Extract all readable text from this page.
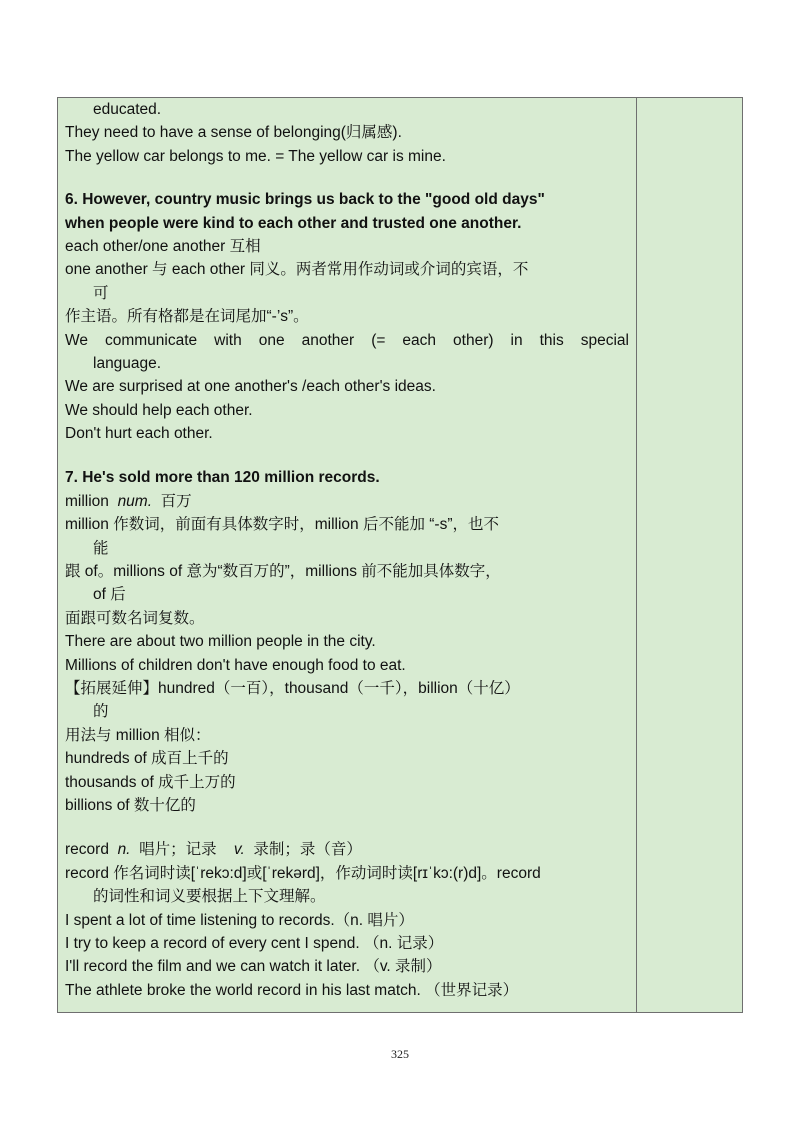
educated.
They need to have a sense of belonging(归属感).
The yellow car belongs to me. = The yellow car is mine.
6. However, country music brings us back to the "good old days"
when people were kind to each other and trusted one another.
each other/one another 互相
one another 与 each other 同义。两者常用作动词或介词的宾语，不
可
作主语。所有格都是在词尾加“-’s”。
We communicate with one another (= each other) in this special
language.
We are surprised at one another's /each other's ideas.
We should help each other.
Don't hurt each other.
7. He's sold more than 120 million records.
million num. 百万
million 作数词，前面有具体数字时，million 后不能加 “-s”，也不
能
跟 of。millions of 意为“数百万的”，millions 前不能加具体数字，
of 后
面跟可数名词复数。
There are about two million people in the city.
Millions of children don't have enough food to eat.
【拓展延伸】hundred（一百），thousand（一千），billion（十亿）
的
用法与 million 相似：
hundreds of 成百上千的
thousands of 成千上万的
billions of 数十亿的
record n. 唱片；记录 v. 录制；录（音）
record 作名词时读[ˈrekɔ:d]或[ˈrekərd]，作动词时读[rɪˈkɔ:(r)d]。record
的词性和词义要根据上下文理解。
I spent a lot of time listening to records.（n. 唱片）
I try to keep a record of every cent I spend. （n. 记录）
I'll record the film and we can watch it later. （v. 录制）
The athlete broke the world record in his last match. （世界记录）
325
